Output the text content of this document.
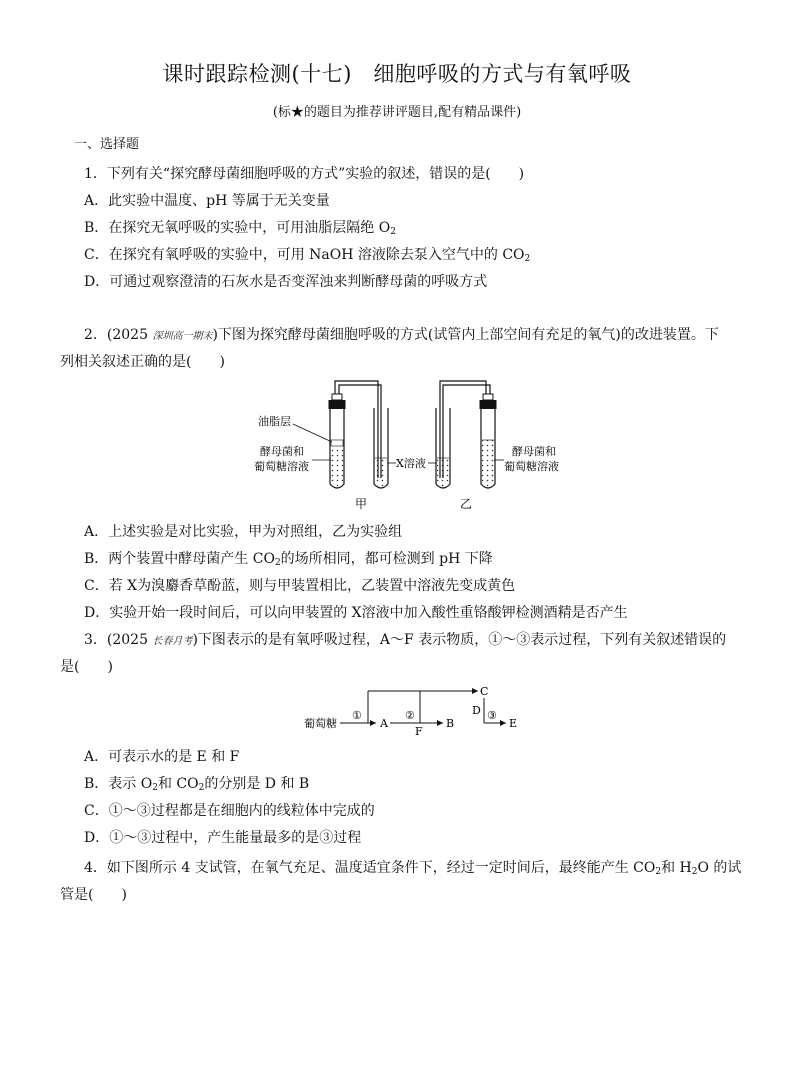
课时跟踪检测(十七)　细胞呼吸的方式与有氧呼吸
(标★的题目为推荐讲评题目,配有精品课件)
一、选择题
1．下列有关“探究酵母菌细胞呼吸的方式”实验的叙述，错误的是(　　)
A．此实验中温度、pH 等属于无关变量
B．在探究无氧呼吸的实验中，可用油脂层隔绝 $O_2$
C．在探究有氧呼吸的实验中，可用 NaOH 溶液除去泵入空气中的 $CO_2$
D．可通过观察澄清的石灰水是否变浑浊来判断酵母菌的呼吸方式
2．(2025 深圳高一期末)下图为探究酵母菌细胞呼吸的方式(试管内上部空间有充足的氧气)的改进装置。下
列相关叙述正确的是(　　)
油脂层
酵母菌和
葡萄糖溶液	X溶液
酵母菌和
葡萄糖溶液
甲	乙
A．上述实验是对比实验，甲为对照组，乙为实验组
B．两个装置中酵母菌产生 $CO_2$的场所相同，都可检测到 pH 下降
C．若 X为溴麝香草酚蓝，则与甲装置相比，乙装置中溶液先变成黄色
D．实验开始一段时间后，可以向甲装置的 X溶液中加入酸性重铬酸钾检测酒精是否产生
3．(2025 长春月考)下图表示的是有氧呼吸过程，A～F 表示物质，①～③表示过程，下列有关叙述错误的
是(　　)
葡萄糖
①
C
A
②
F
B
D ③
E
A．可表示水的是 E 和 F
B．表示 $O_2$和 $CO_2$的分别是 D 和 B
C．①～③过程都是在细胞内的线粒体中完成的
D．①～③过程中，产生能量最多的是③过程
4．如下图所示 4 支试管，在氧气充足、温度适宜条件下，经过一定时间后，最终能产生 $CO_2$和 $H_2O$ 的试
管是(　　)
